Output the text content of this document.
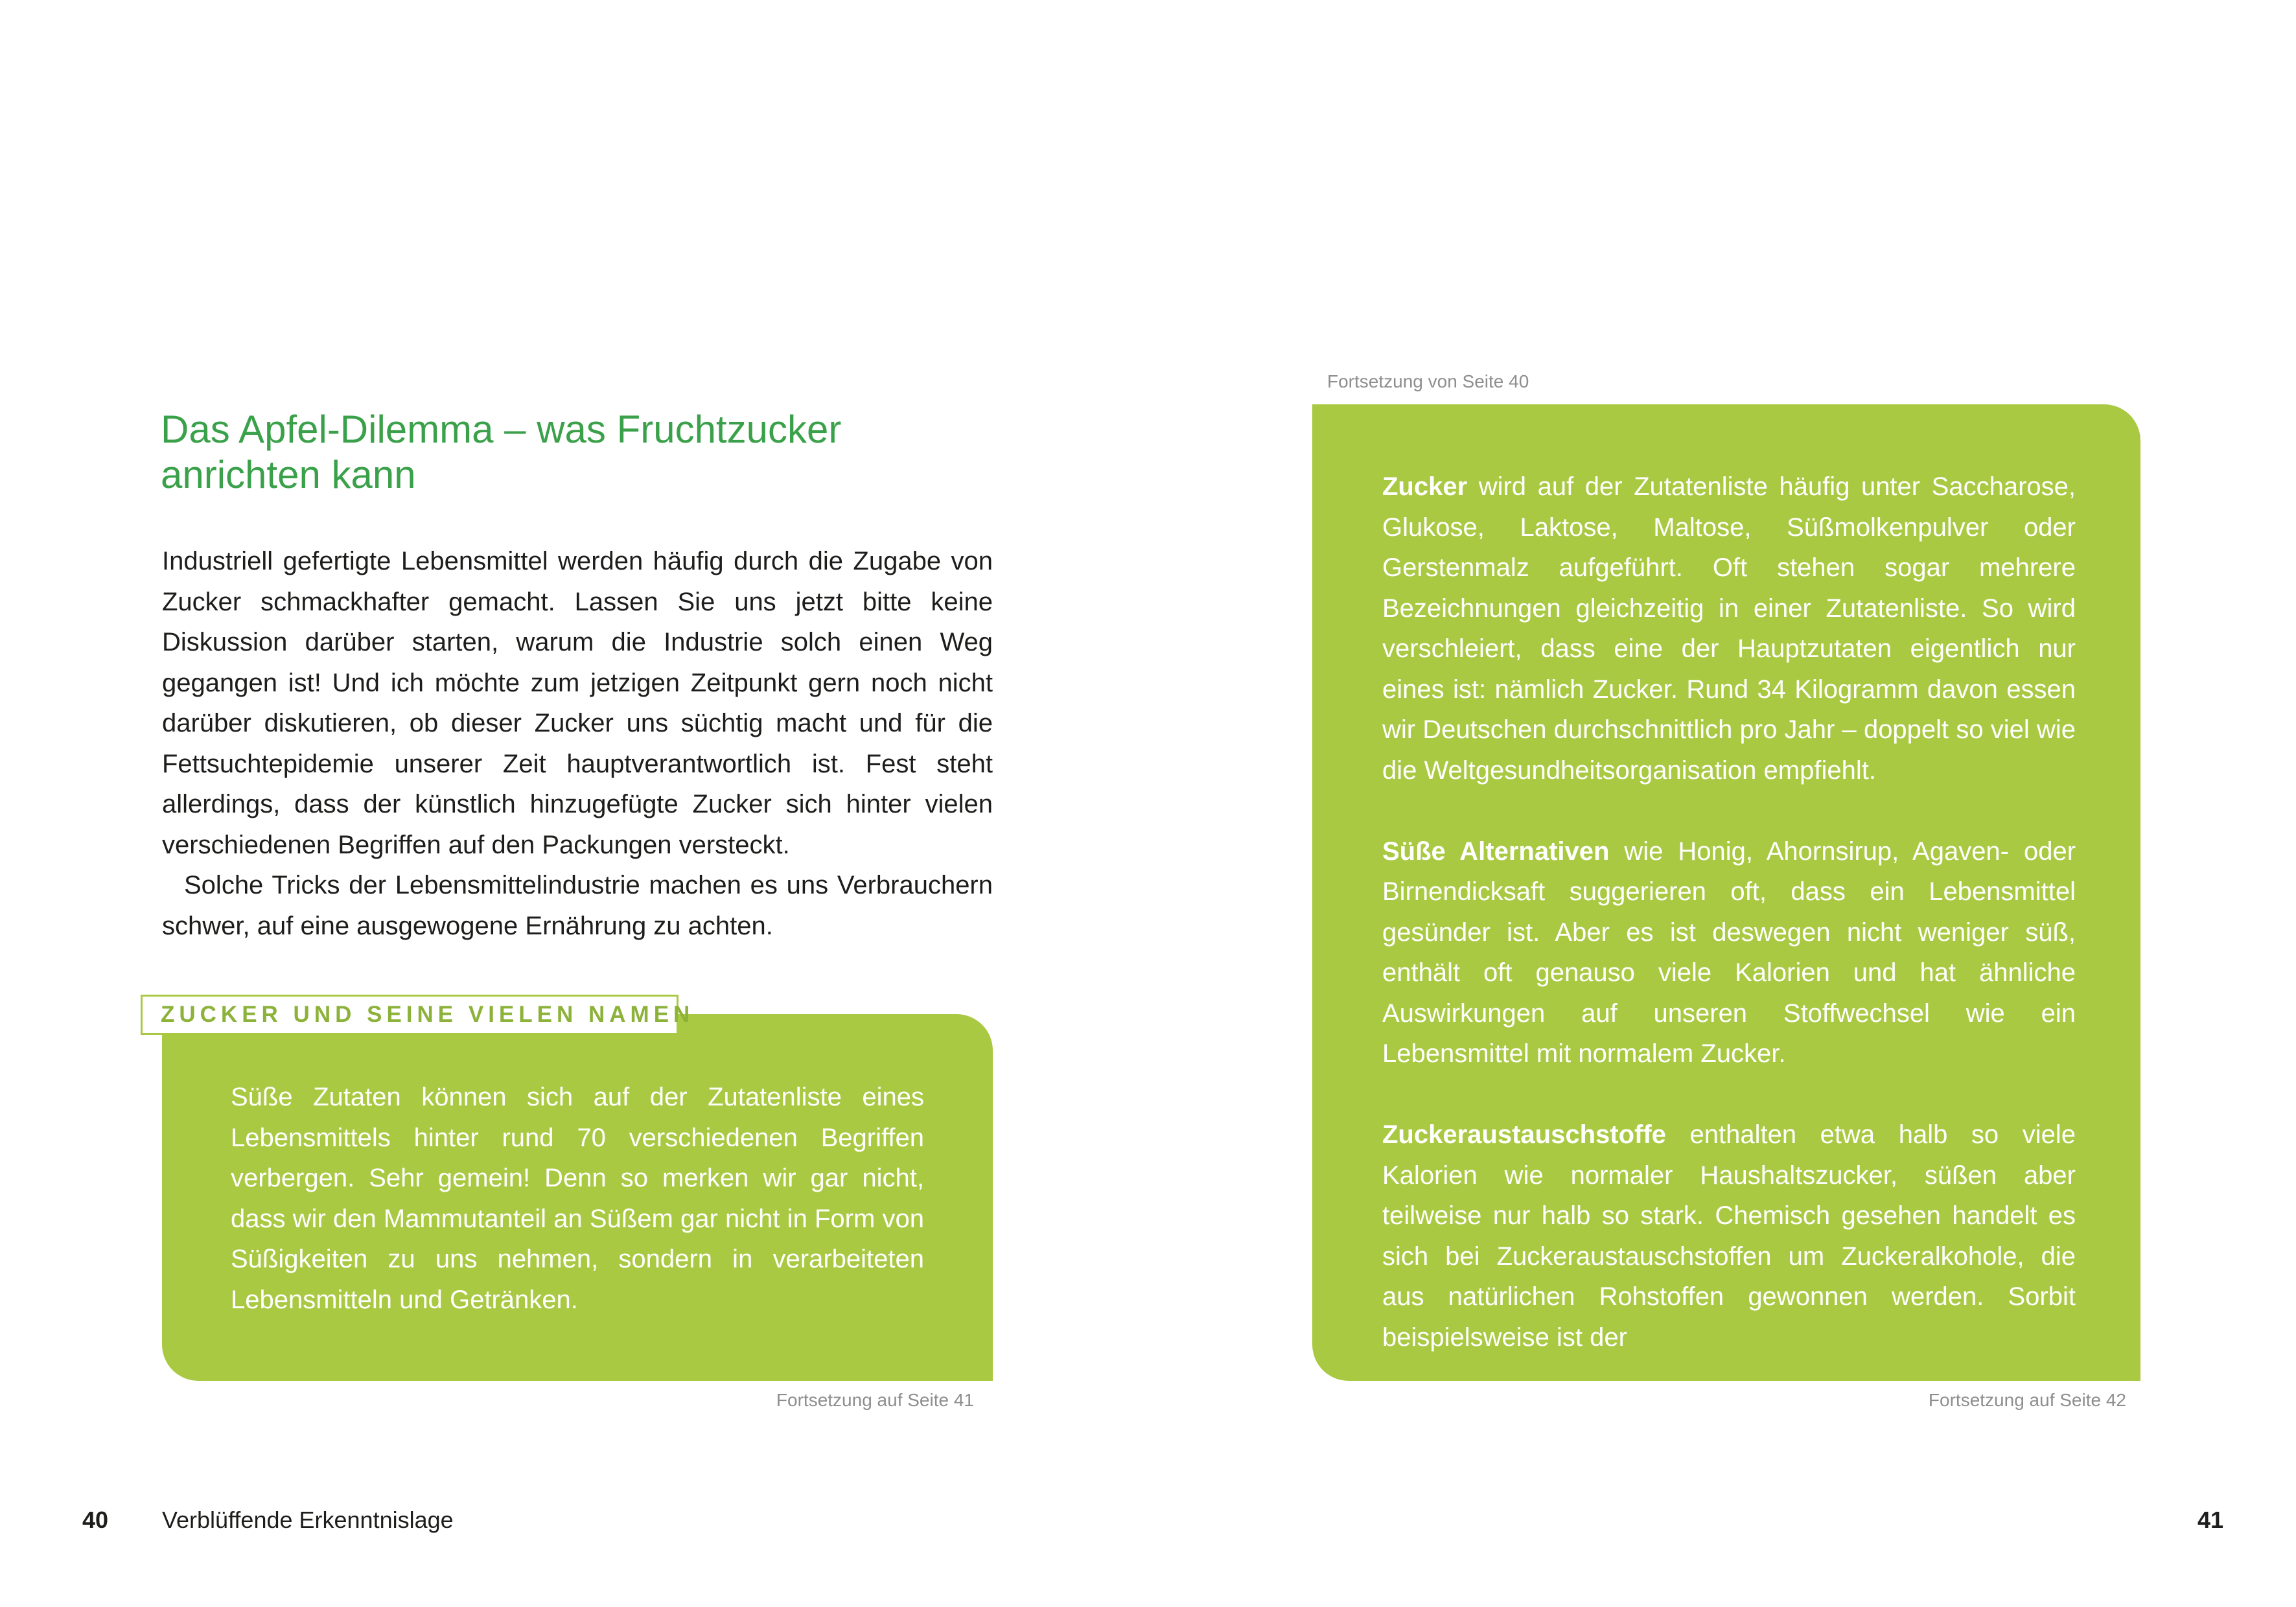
Das Apfel-Dilemma – was Fruchtzucker anrichten kann

Industriell gefertigte Lebensmittel werden häufig durch die Zugabe von Zucker schmackhafter gemacht. Lassen Sie uns jetzt bitte keine Diskussion darüber starten, warum die Industrie solch einen Weg gegangen ist! Und ich möchte zum jetzigen Zeitpunkt gern noch nicht darüber diskutieren, ob dieser Zucker uns süchtig macht und für die Fettsuchtepidemie unserer Zeit hauptverantwortlich ist. Fest steht allerdings, dass der künstlich hinzugefügte Zucker sich hinter vielen verschiedenen Begriffen auf den Packungen versteckt.

Solche Tricks der Lebensmittelindustrie machen es uns Verbrauchern schwer, auf eine ausgewogene Ernährung zu achten.

ZUCKER UND SEINE VIELEN NAMEN

Süße Zutaten können sich auf der Zutatenliste eines Lebensmittels hinter rund 70 verschiedenen Begriffen verbergen. Sehr gemein! Denn so merken wir gar nicht, dass wir den Mammutanteil an Süßem gar nicht in Form von Süßigkeiten zu uns nehmen, sondern in verarbeiteten Lebensmitteln und Getränken.

Fortsetzung auf Seite 41
Fortsetzung von Seite 40

Zucker wird auf der Zutatenliste häufig unter Saccharose, Glukose, Laktose, Maltose, Süßmolkenpulver oder Gerstenmalz aufgeführt. Oft stehen sogar mehrere Bezeichnungen gleichzeitig in einer Zutatenliste. So wird verschleiert, dass eine der Hauptzutaten eigentlich nur eines ist: nämlich Zucker. Rund 34 Kilogramm davon essen wir Deutschen durchschnittlich pro Jahr – doppelt so viel wie die Weltgesundheitsorganisation empfiehlt.

Süße Alternativen wie Honig, Ahornsirup, Agaven- oder Birnendicksaft suggerieren oft, dass ein Lebensmittel gesünder ist. Aber es ist deswegen nicht weniger süß, enthält oft genauso viele Kalorien und hat ähnliche Auswirkungen auf unseren Stoffwechsel wie ein Lebensmittel mit normalem Zucker.

Zuckeraustauschstoffe enthalten etwa halb so viele Kalorien wie normaler Haushaltszucker, süßen aber teilweise nur halb so stark. Chemisch gesehen handelt es sich bei Zuckeraustauschstoffen um Zuckeralkohole, die aus natürlichen Rohstoffen gewonnen werden. Sorbit beispielsweise ist der

Fortsetzung auf Seite 42
40 Verblüffende Erkenntnislage	41
